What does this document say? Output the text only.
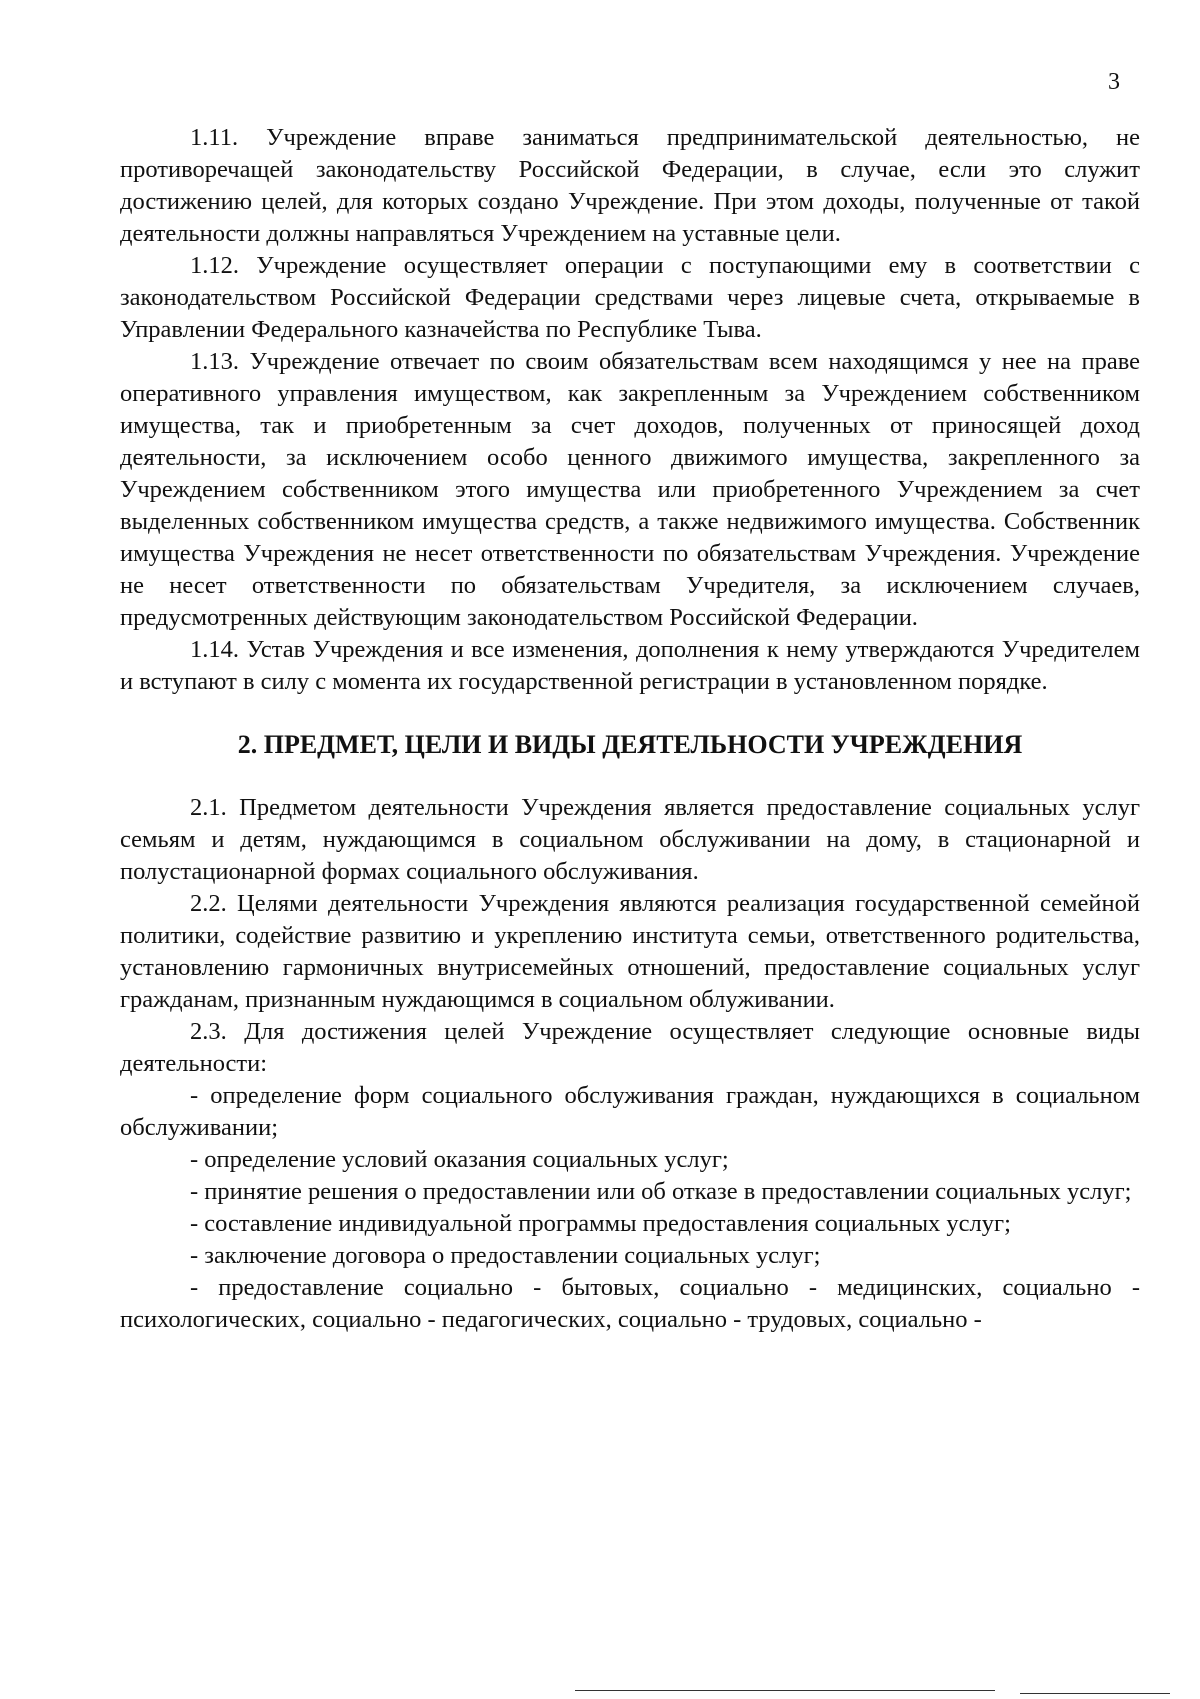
3

1.11. Учреждение вправе заниматься предпринимательской деятельностью, не противоречащей законодательству Российской Федерации, в случае, если это служит достижению целей, для которых создано Учреждение. При этом доходы, полученные от такой деятельности должны направляться Учреждением на уставные цели.

1.12. Учреждение осуществляет операции с поступающими ему в соответствии с законодательством Российской Федерации средствами через лицевые счета, открываемые в Управлении Федерального казначейства по Республике Тыва.

1.13. Учреждение отвечает по своим обязательствам всем находящимся у нее на праве оперативного управления имуществом, как закрепленным за Учреждением собственником имущества, так и приобретенным за счет доходов, полученных от приносящей доход деятельности, за исключением особо ценного движимого имущества, закрепленного за Учреждением собственником этого имущества или приобретенного Учреждением за счет выделенных собственником имущества средств, а также недвижимого имущества. Собственник имущества Учреждения не несет ответственности по обязательствам Учреждения. Учреждение не несет ответственности по обязательствам Учредителя, за исключением случаев, предусмотренных действующим законодательством Российской Федерации.

1.14. Устав Учреждения и все изменения, дополнения к нему утверждаются Учредителем и вступают в силу с момента их государственной регистрации в установленном порядке.

2. ПРЕДМЕТ, ЦЕЛИ И ВИДЫ ДЕЯТЕЛЬНОСТИ УЧРЕЖДЕНИЯ

2.1. Предметом деятельности Учреждения является предоставление социальных услуг семьям и детям, нуждающимся в социальном обслуживании на дому, в стационарной и полустационарной формах социального обслуживания.

2.2. Целями деятельности Учреждения являются реализация государственной семейной политики, содействие развитию и укреплению института семьи, ответственного родительства, установлению гармоничных внутрисемейных отношений, предоставление социальных услуг гражданам, признанным нуждающимся в социальном облуживании.

2.3. Для достижения целей Учреждение осуществляет следующие основные виды деятельности:

- определение форм социального обслуживания граждан, нуждающихся в социальном обслуживании;

- определение условий оказания социальных услуг;

- принятие решения о предоставлении или об отказе в предоставлении социальных услуг;

- составление индивидуальной программы предоставления социальных услуг;

- заключение договора о предоставлении социальных услуг;

- предоставление социально - бытовых, социально - медицинских, социально - психологических, социально - педагогических, социально - трудовых, социально -
